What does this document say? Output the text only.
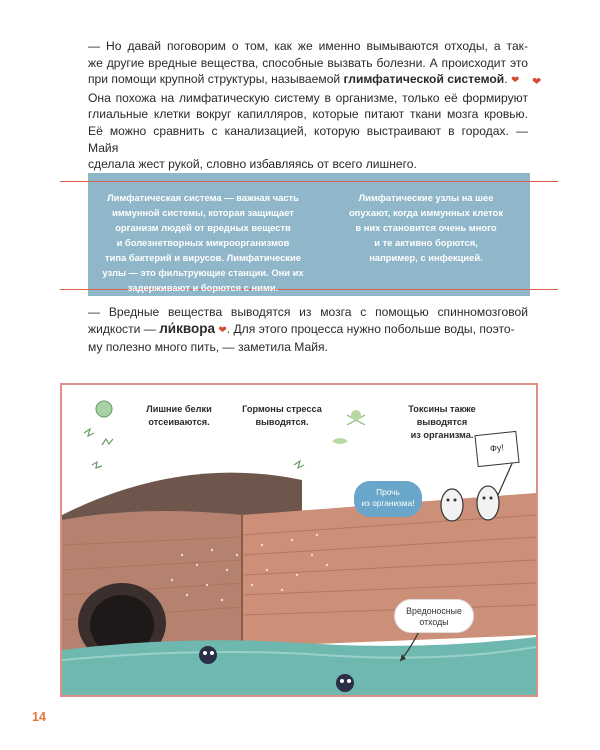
— Но давай поговорим о том, как же именно вымываются отходы, а так-
же другие вредные вещества, способные вызвать болезни. А происходит это
при помощи крупной структуры, называемой глимфатической системой. ❤
Она похожа на лимфатическую систему в организме, только её формируют
глиальные клетки вокруг капилляров, которые питают ткани мозга кровью.
Её можно сравнить с канализацией, которую выстраивают в городах. — Майя
сделала жест рукой, словно избавляясь от всего лишнего.
❤
Лимфатическая система — важная часть
иммунной системы, которая защищает
организм людей от вредных веществ
и болезнетворных микроорганизмов
типа бактерий и вирусов. Лимфатические
узлы — это фильтрующие станции. Они их
задерживают и борются с ними.
Лимфатические узлы на шее
опухают, когда иммунных клеток
в них становится очень много
и те активно борются,
например, с инфекцией.
— Вредные вещества выводятся из мозга с помощью спинномозговой
жидкости — ли́квора ❤. Для этого процесса нужно побольше воды, поэто-
му полезно много пить, — заметила Майя.
Лишние белки
отсеиваются.
Гормоны стресса
выводятся.
Токсины также
выводятся
из организма.
Прочь
из организма!
Фу!
Вредоносные
отходы
14
